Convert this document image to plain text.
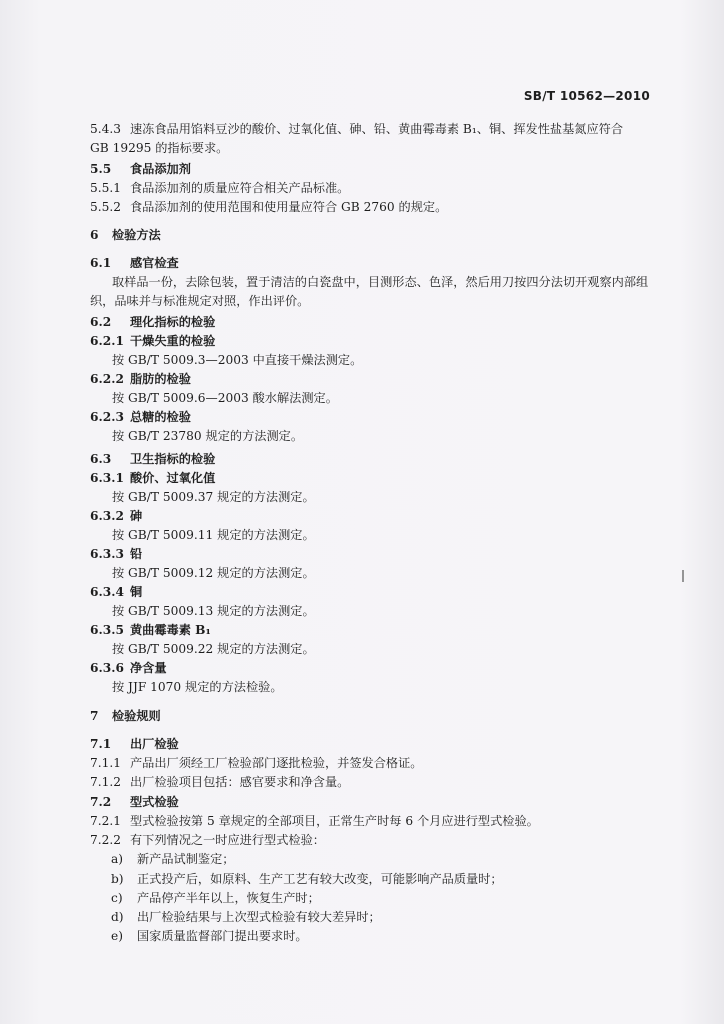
SB/T 10562—2010
5.4.3 速冻食品用馅料豆沙的酸价、过氧化值、砷、铅、黄曲霉毒素 B₁、铜、挥发性盐基氮应符合
GB 19295 的指标要求。
5.5 食品添加剂
5.5.1 食品添加剂的质量应符合相关产品标准。
5.5.2 食品添加剂的使用范围和使用量应符合 GB 2760 的规定。
6 检验方法
6.1 感官检查
取样品一份，去除包装，置于清洁的白瓷盘中，目测形态、色泽，然后用刀按四分法切开观察内部组
织，品味并与标准规定对照，作出评价。
6.2 理化指标的检验
6.2.1 干燥失重的检验
按 GB/T 5009.3—2003 中直接干燥法测定。
6.2.2 脂肪的检验
按 GB/T 5009.6—2003 酸水解法测定。
6.2.3 总糖的检验
按 GB/T 23780 规定的方法测定。
6.3 卫生指标的检验
6.3.1 酸价、过氧化值
按 GB/T 5009.37 规定的方法测定。
6.3.2 砷
按 GB/T 5009.11 规定的方法测定。
6.3.3 铅
按 GB/T 5009.12 规定的方法测定。
6.3.4 铜
按 GB/T 5009.13 规定的方法测定。
6.3.5 黄曲霉毒素 B₁
按 GB/T 5009.22 规定的方法测定。
6.3.6 净含量
按 JJF 1070 规定的方法检验。
7 检验规则
7.1 出厂检验
7.1.1 产品出厂须经工厂检验部门逐批检验，并签发合格证。
7.1.2 出厂检验项目包括：感官要求和净含量。
7.2 型式检验
7.2.1 型式检验按第 5 章规定的全部项目，正常生产时每 6 个月应进行型式检验。
7.2.2 有下列情况之一时应进行型式检验：
a) 新产品试制鉴定；
b) 正式投产后，如原料、生产工艺有较大改变，可能影响产品质量时；
c) 产品停产半年以上，恢复生产时；
d) 出厂检验结果与上次型式检验有较大差异时；
e) 国家质量监督部门提出要求时。
